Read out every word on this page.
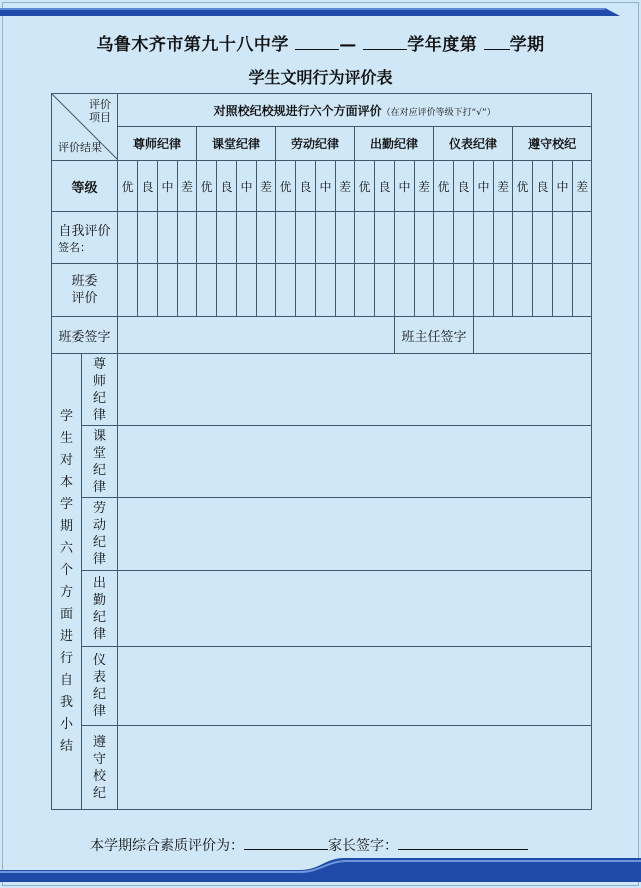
乌鲁木齐市第九十八中学	—	学年度第 学期
学生文明行为评价表
评价
项目
评价结果		对照校纪校规进行六个方面评价（在对应评价等级下打“√”）																							
		尊师纪律				课堂纪律				劳动纪律				出勤纪律				仪表纪律				遵守校纪			
等级		优	良	中	差	优	良	中	差	优	良	中	差	优	良	中	差	优	良	中	差	优	良	中	差

自我评价
签名：																									

班委
评价																									
班委签字																班主任签字									
学生对本学期六个方面进行自我小结	尊师纪律																								
	课堂纪律																								
	劳动纪律																								
	出勤纪律																								
	仪表纪律																								
	遵守校纪																								
本学期综合素质评价为：	家长签字：
